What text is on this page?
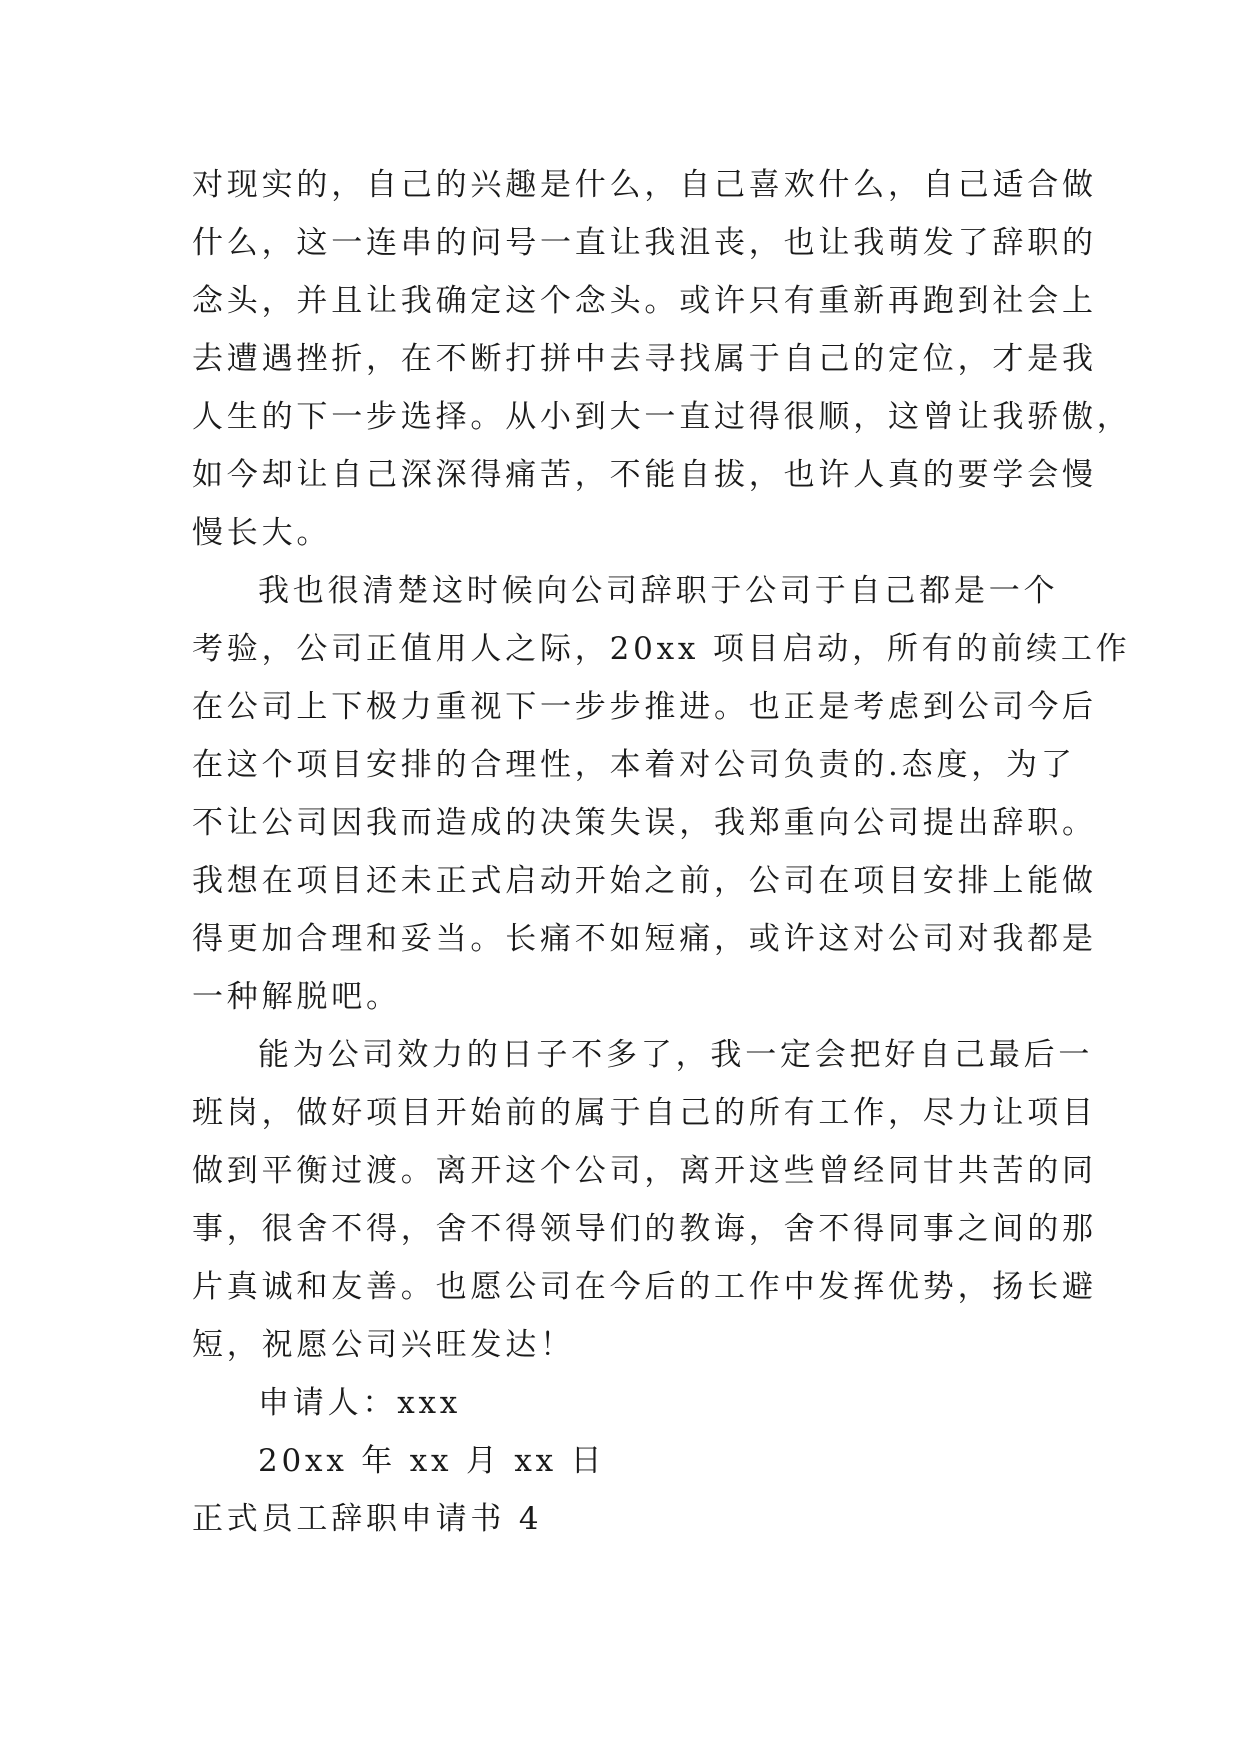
对现实的，自己的兴趣是什么，自己喜欢什么，自己适合做
什么，这一连串的问号一直让我沮丧，也让我萌发了辞职的
念头，并且让我确定这个念头。或许只有重新再跑到社会上
去遭遇挫折，在不断打拼中去寻找属于自己的定位，才是我
人生的下一步选择。从小到大一直过得很顺，这曾让我骄傲，
如今却让自己深深得痛苦，不能自拔，也许人真的要学会慢
慢长大。
我也很清楚这时候向公司辞职于公司于自己都是一个
考验，公司正值用人之际，20xx 项目启动，所有的前续工作
在公司上下极力重视下一步步推进。也正是考虑到公司今后
在这个项目安排的合理性，本着对公司负责的.态度，为了
不让公司因我而造成的决策失误，我郑重向公司提出辞职。
我想在项目还未正式启动开始之前，公司在项目安排上能做
得更加合理和妥当。长痛不如短痛，或许这对公司对我都是
一种解脱吧。
能为公司效力的日子不多了，我一定会把好自己最后一
班岗，做好项目开始前的属于自己的所有工作，尽力让项目
做到平衡过渡。离开这个公司，离开这些曾经同甘共苦的同
事，很舍不得，舍不得领导们的教诲，舍不得同事之间的那
片真诚和友善。也愿公司在今后的工作中发挥优势，扬长避
短，祝愿公司兴旺发达！
申请人：xxx
20xx 年 xx 月 xx 日
正式员工辞职申请书 4
